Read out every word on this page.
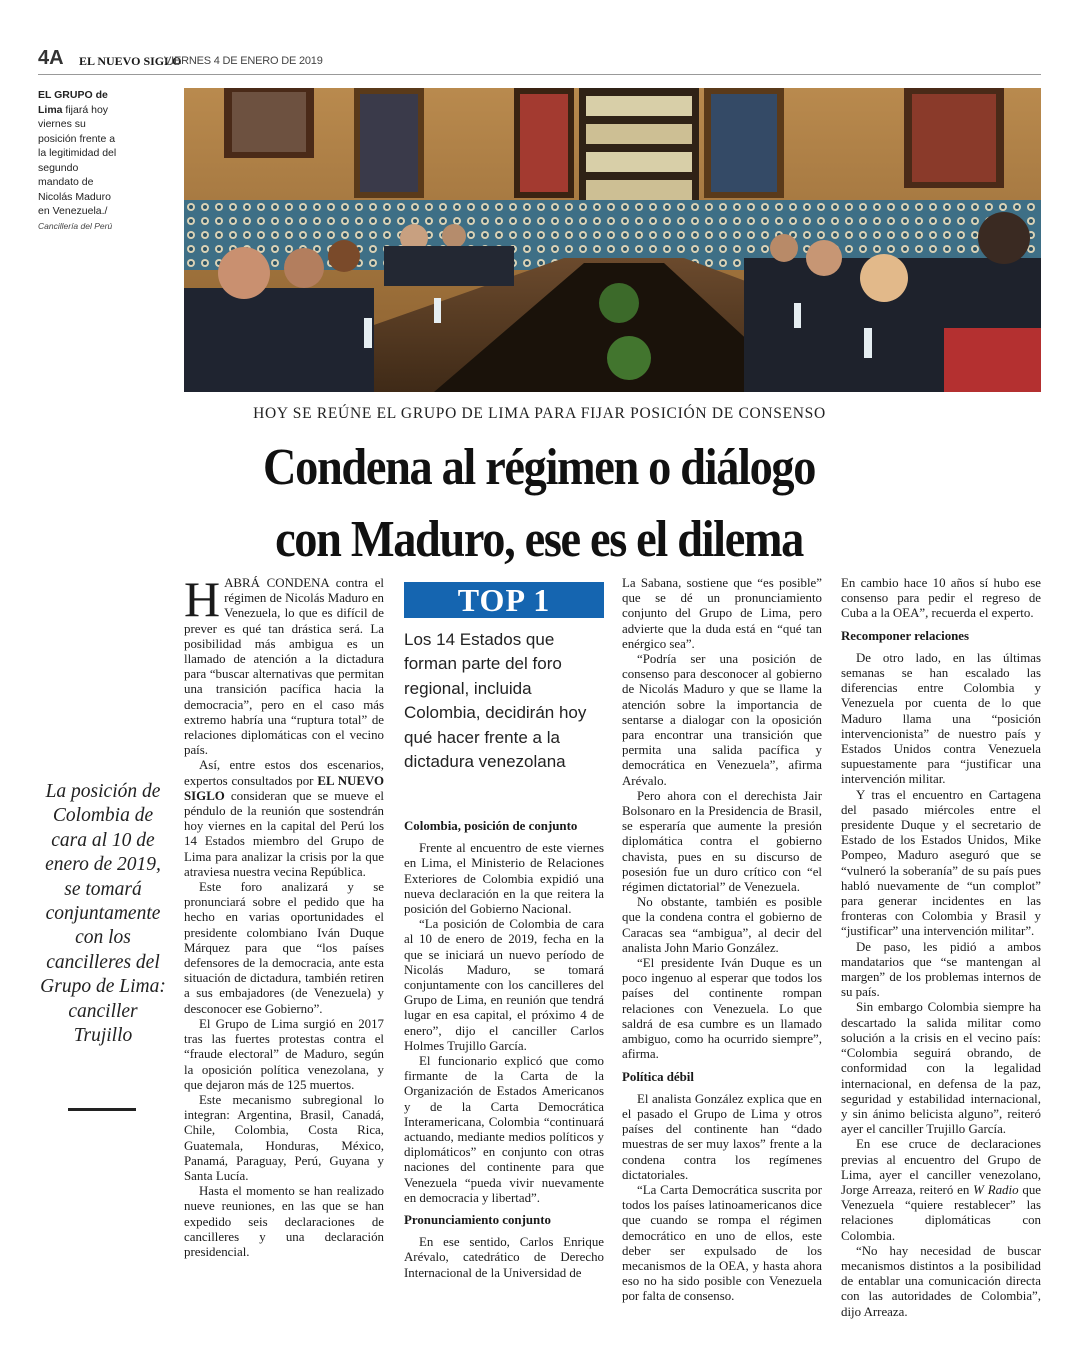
4A EL NUEVO SIGLO
VIERNES 4 DE ENERO DE 2019
EL GRUPO de Lima fijará hoy viernes su posición frente a la legitimidad del segundo mandato de Nicolás Maduro en Venezuela./ Cancillería del Perú
HOY SE REÚNE EL GRUPO DE LIMA PARA FIJAR POSICIÓN DE CONSENSO
Condena al régimen o diálogo
con Maduro, ese es el dilema
La posición de Colombia de cara al 10 de enero de 2019, se tomará conjuntamente con los cancilleres del Grupo de Lima: canciller Trujillo

HABRÁ CONDENA contra el régimen de Nicolás Maduro en Venezuela, lo que es difícil de prever es qué tan drástica será. La posibilidad más ambigua es un llamado de atención a la dictadura para “buscar alternativas que permitan una transición pacífica hacia la democracia”, pero en el caso más extremo habría una “ruptura total” de relaciones diplomáticas con el vecino país.

Así, entre estos dos escenarios, expertos consultados por EL NUEVO SIGLO consideran que se mueve el péndulo de la reunión que sostendrán hoy viernes en la capital del Perú los 14 Estados miembro del Grupo de Lima para analizar la crisis por la que atraviesa nuestra vecina República.

Este foro analizará y se pronunciará sobre el pedido que ha hecho en varias oportunidades el presidente colombiano Iván Duque Márquez para que “los países defensores de la democracia, ante esta situación de dictadura, también retiren a sus embajadores (de Venezuela) y desconocer ese Gobierno”.

El Grupo de Lima surgió en 2017 tras las fuertes protestas contra el “fraude electoral” de Maduro, según la oposición política venezolana, y que dejaron más de 125 muertos.

Este mecanismo subregional lo integran: Argentina, Brasil, Canadá, Chile, Colombia, Costa Rica, Guatemala, Honduras, México, Panamá, Paraguay, Perú, Guyana y Santa Lucía.

Hasta el momento se han realizado nueve reuniones, en las que se han expedido seis declaraciones de cancilleres y una declaración presidencial.

TOP 1
Los 14 Estados que forman parte del foro regional, incluida Colombia, decidirán hoy qué hacer frente a la dictadura venezolana
Colombia, posición de conjunto

Frente al encuentro de este viernes en Lima, el Ministerio de Relaciones Exteriores de Colombia expidió una nueva declaración en la que reitera la posición del Gobierno Nacional.

“La posición de Colombia de cara al 10 de enero de 2019, fecha en la que se iniciará un nuevo período de Nicolás Maduro, se tomará conjuntamente con los cancilleres del Grupo de Lima, en reunión que tendrá lugar en esa capital, el próximo 4 de enero”, dijo el canciller Carlos Holmes Trujillo García.

El funcionario explicó que como firmante de la Carta de la Organización de Estados Americanos y de la Carta Democrática Interamericana, Colombia “continuará actuando, mediante medios políticos y diplomáticos” en conjunto con otras naciones del continente para que Venezuela “pueda vivir nuevamente en democracia y libertad”.

Pronunciamiento conjunto

En ese sentido, Carlos Enrique Arévalo, catedrático de Derecho Internacional de la Universidad de

La Sabana, sostiene que “es posible” que se dé un pronunciamiento conjunto del Grupo de Lima, pero advierte que la duda está en “qué tan enérgico sea”.

“Podría ser una posición de consenso para desconocer al gobierno de Nicolás Maduro y que se llame la atención sobre la importancia de sentarse a dialogar con la oposición para encontrar una transición que permita una salida pacífica y democrática en Venezuela”, afirma Arévalo.

Pero ahora con el derechista Jair Bolsonaro en la Presidencia de Brasil, se esperaría que aumente la presión diplomática contra el gobierno chavista, pues en su discurso de posesión fue un duro crítico con “el régimen dictatorial” de Venezuela.

No obstante, también es posible que la condena contra el gobierno de Caracas sea “ambigua”, al decir del analista John Mario González.

“El presidente Iván Duque es un poco ingenuo al esperar que todos los países del continente rompan relaciones con Venezuela. Lo que saldrá de esa cumbre es un llamado ambiguo, como ha ocurrido siempre”, afirma.

Política débil

El analista González explica que en el pasado el Grupo de Lima y otros países del continente han “dado muestras de ser muy laxos” frente a la condena contra los regímenes dictatoriales.

“La Carta Democrática suscrita por todos los países latinoamericanos dice que cuando se rompa el régimen democrático en uno de ellos, este deber ser expulsado de los mecanismos de la OEA, y hasta ahora eso no ha sido posible con Venezuela por falta de consenso.

En cambio hace 10 años sí hubo ese consenso para pedir el regreso de Cuba a la OEA”, recuerda el experto.

Recomponer relaciones

De otro lado, en las últimas semanas se han escalado las diferencias entre Colombia y Venezuela por cuenta de lo que Maduro llama una “posición intervencionista” de nuestro país y Estados Unidos contra Venezuela supuestamente para “justificar una intervención militar.

Y tras el encuentro en Cartagena del pasado miércoles entre el presidente Duque y el secretario de Estado de los Estados Unidos, Mike Pompeo, Maduro aseguró que se “vulneró la soberanía” de su país pues habló nuevamente de “un complot” para generar incidentes en las fronteras con Colombia y Brasil y “justificar” una intervención militar”.

De paso, les pidió a ambos mandatarios que “se mantengan al margen” de los problemas internos de su país.

Sin embargo Colombia siempre ha descartado la salida militar como solución a la crisis en el vecino país: “Colombia seguirá obrando, de conformidad con la legalidad internacional, en defensa de la paz, seguridad y estabilidad internacional, y sin ánimo belicista alguno”, reiteró ayer el canciller Trujillo García.

En ese cruce de declaraciones previas al encuentro del Grupo de Lima, ayer el canciller venezolano, Jorge Arreaza, reiteró en W Radio que Venezuela “quiere restablecer” las relaciones diplomáticas con Colombia.

“No hay necesidad de buscar mecanismos distintos a la posibilidad de entablar una comunicación directa con las autoridades de Colombia”, dijo Arreaza.
